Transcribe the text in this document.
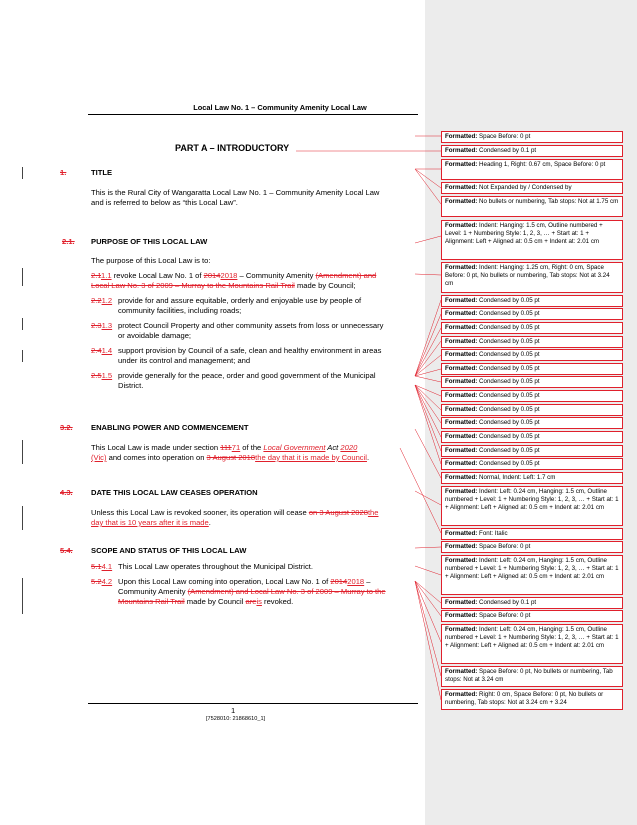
Local Law No. 1 – Community Amenity Local Law
PART A – INTRODUCTORY
1.	TITLE
This is the Rural City of Wangaratta Local Law No. 1 – Community Amenity Local Law
and is referred to below as “this Local Law”.
2.1. PURPOSE OF THIS LOCAL LAW
The purpose of this Local Law is to:
2.11.1 revoke Local Law No. 1 of 20142018 – Community Amenity (Amendment) and
Local Law No. 3 of 2009 – Murray to the Mountains Rail Trail made by Council;
2.21.2 provide for and assure equitable, orderly and enjoyable use by people of
community facilities, including roads;
2.31.3 protect Council Property and other community assets from loss or unnecessary
or avoidable damage;
2.41.4 support provision by Council of a safe, clean and healthy environment in areas
under its control and management; and
2.51.5 provide generally for the peace, order and good government of the Municipal
District.
3.2. ENABLING POWER AND COMMENCEMENT
This Local Law is made under section 11171 of the Local Government Act 2020
(Vic) and comes into operation on 3 August 2018the day that it is made by Council.
4.3. DATE THIS LOCAL LAW CEASES OPERATION
Unless this Local Law is revoked sooner, its operation will cease on 3 August 2028the
day that is 10 years after it is made.
5.4. SCOPE AND STATUS OF THIS LOCAL LAW
5.14.1 This Local Law operates throughout the Municipal District.
5.24.2 Upon this Local Law coming into operation, Local Law No. 1 of 20142018 –
Community Amenity (Amendment) and Local Law No. 3 of 2009 – Murray to the
Mountains Rail Trail made by Council areis revoked.
1
[7528010: 21868610_1]
Formatted: Space Before: 0 pt
Formatted: Condensed by 0.1 pt
Formatted: Heading 1, Right: 0.67 cm, Space Before: 0 pt
Formatted: Not Expanded by / Condensed by
Formatted: No bullets or numbering, Tab stops: Not at 1.75 cm
Formatted: Indent: Hanging: 1.5 cm, Outline numbered + Level: 1 + Numbering Style: 1, 2, 3, … + Start at: 1 + Alignment: Left + Aligned at: 0.5 cm + Indent at: 2.01 cm
Formatted: Indent: Hanging: 1.25 cm, Right: 0 cm, Space Before: 0 pt, No bullets or numbering, Tab stops: Not at 3.24 cm
Formatted: Condensed by 0.05 pt
Formatted: Condensed by 0.05 pt
Formatted: Condensed by 0.05 pt
Formatted: Condensed by 0.05 pt
Formatted: Condensed by 0.05 pt
Formatted: Condensed by 0.05 pt
Formatted: Condensed by 0.05 pt
Formatted: Condensed by 0.05 pt
Formatted: Condensed by 0.05 pt
Formatted: Condensed by 0.05 pt
Formatted: Condensed by 0.05 pt
Formatted: Condensed by 0.05 pt
Formatted: Condensed by 0.05 pt
Formatted: Normal, Indent: Left: 1.7 cm
Formatted: Indent: Left: 0.24 cm, Hanging: 1.5 cm, Outline numbered + Level: 1 + Numbering Style: 1, 2, 3, … + Start at: 1 + Alignment: Left + Aligned at: 0.5 cm + Indent at: 2.01 cm
Formatted: Font: Italic
Formatted: Space Before: 0 pt
Formatted: Indent: Left: 0.24 cm, Hanging: 1.5 cm, Outline numbered + Level: 1 + Numbering Style: 1, 2, 3, … + Start at: 1 + Alignment: Left + Aligned at: 0.5 cm + Indent at: 2.01 cm
Formatted: Condensed by 0.1 pt
Formatted: Space Before: 0 pt
Formatted: Indent: Left: 0.24 cm, Hanging: 1.5 cm, Outline numbered + Level: 1 + Numbering Style: 1, 2, 3, … + Start at: 1 + Alignment: Left + Aligned at: 0.5 cm + Indent at: 2.01 cm
Formatted: Space Before: 0 pt, No bullets or numbering, Tab stops: Not at 3.24 cm
Formatted: Right: 0 cm, Space Before: 0 pt, No bullets or numbering, Tab stops: Not at 3.24 cm + 3.24
